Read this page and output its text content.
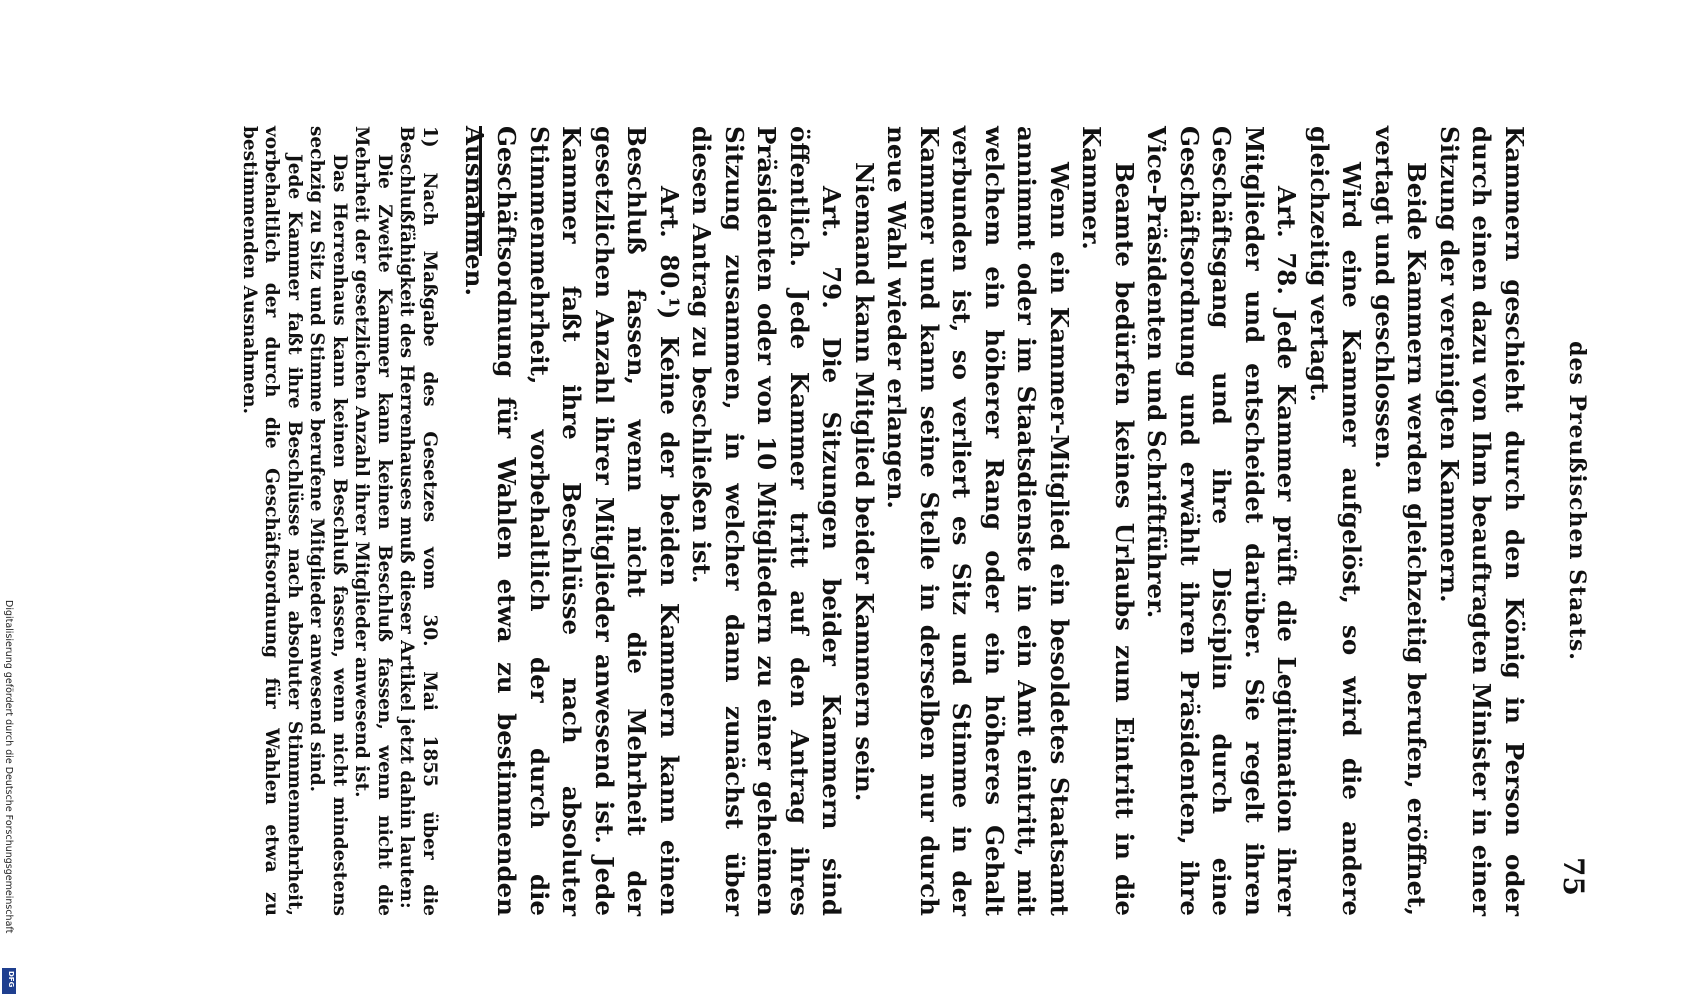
des Preußischen Staats.
75

Kammern geschieht durch den König in Person oder durch einen dazu von Ihm beauftragten Minister in einer Sitzung der vereinigten Kammern.

Beide Kammern werden gleichzeitig berufen, eröffnet, vertagt und geschlossen.

Wird eine Kammer aufgelöst, so wird die andere gleichzeitig vertagt.

Art. 78. Jede Kammer prüft die Legitimation ihrer Mitglieder und entscheidet darüber. Sie regelt ihren Geschäftsgang und ihre Disciplin durch eine Geschäftsordnung und erwählt ihren Präsidenten, ihre Vice-Präsidenten und Schriftführer.

Beamte bedürfen keines Urlaubs zum Eintritt in die Kammer.

Wenn ein Kammer-Mitglied ein besoldetes Staatsamt annimmt oder im Staatsdienste in ein Amt eintritt, mit welchem ein höherer Rang oder ein höheres Gehalt verbunden ist, so verliert es Sitz und Stimme in der Kammer und kann seine Stelle in derselben nur durch neue Wahl wieder erlangen.

Niemand kann Mitglied beider Kammern sein.

Art. 79. Die Sitzungen beider Kammern sind öffentlich. Jede Kammer tritt auf den Antrag ihres Präsidenten oder von 10 Mitgliedern zu einer geheimen Sitzung zusammen, in welcher dann zunächst über diesen Antrag zu beschließen ist.

Art. 80.¹) Keine der beiden Kammern kann einen Beschluß fassen, wenn nicht die Mehrheit der gesetzlichen Anzahl ihrer Mitglieder anwesend ist. Jede Kammer faßt ihre Beschlüsse nach absoluter Stimmenmehrheit, vorbehaltlich der durch die Geschäftsordnung für Wahlen etwa zu bestimmenden Ausnahmen.

1) Nach Maßgabe des Gesetzes vom 30. Mai 1855 über die Beschlußfähigkeit des Herrenhauses muß dieser Artikel jetzt dahin lauten:

Die Zweite Kammer kann keinen Beschluß fassen, wenn nicht die Mehrheit der gesetzlichen Anzahl ihrer Mitglieder anwesend ist.

Das Herrenhaus kann keinen Beschluß fassen, wenn nicht mindestens sechzig zu Sitz und Stimme berufene Mitglieder anwesend sind.

Jede Kammer faßt ihre Beschlüsse nach absoluter Stimmenmehrheit, vorbehaltlich der durch die Geschäftsordnung für Wahlen etwa zu bestimmenden Ausnahmen.

Digitalisierung gefördert durch die Deutsche Forschungsgemeinschaft
DFG
